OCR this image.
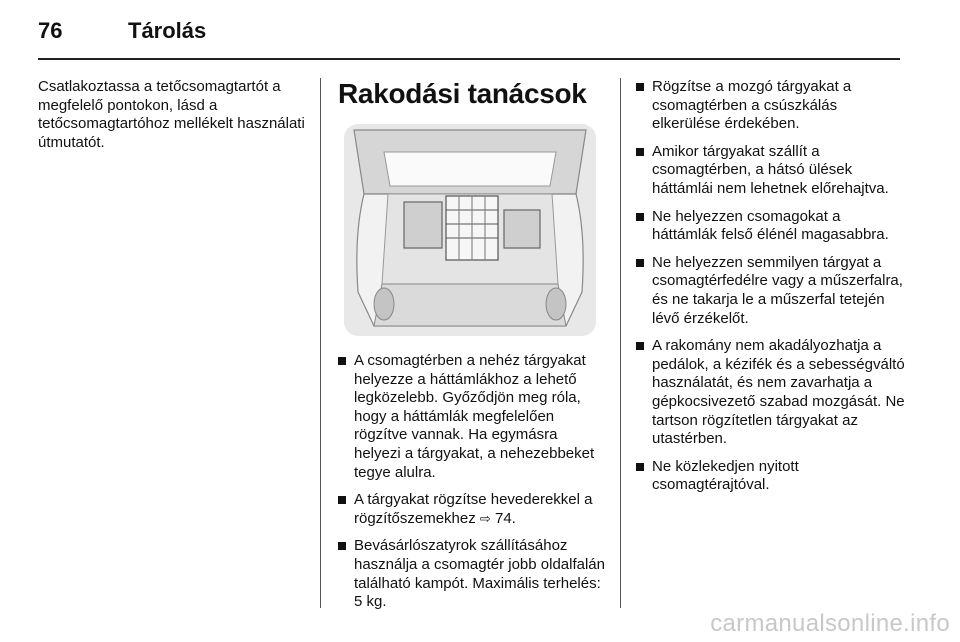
76	Tárolás

Csatlakoztassa a tetőcsomagtartót a megfelelő pontokon, lásd a tetőcsomagtartóhoz mellékelt használati útmutatót.

Rakodási tanácsok
A csomagtérben a nehéz tárgyakat helyezze a háttámlákhoz a lehető legközelebb. Győződjön meg róla, hogy a háttámlák megfelelően rögzítve vannak. Ha egymásra helyezi a tárgyakat, a nehezebbeket tegye alulra.
A tárgyakat rögzítse hevederekkel a rögzítőszemekhez ⇨ 74.
Bevásárlószatyrok szállításához használja a csomagtér jobb oldalfalán található kampót. Maximális terhelés: 5 kg.
Rögzítse a mozgó tárgyakat a csomagtérben a csúszkálás elkerülése érdekében.
Amikor tárgyakat szállít a csomagtérben, a hátsó ülések háttámlái nem lehetnek előrehajtva.
Ne helyezzen csomagokat a háttámlák felső élénél magasabbra.
Ne helyezzen semmilyen tárgyat a csomagtérfedélre vagy a műszerfalra, és ne takarja le a műszerfal tetején lévő érzékelőt.
A rakomány nem akadályozhatja a pedálok, a kézifék és a sebességváltó használatát, és nem zavarhatja a gépkocsivezető szabad mozgását. Ne tartson rögzítetlen tárgyakat az utastérben.
Ne közlekedjen nyitott csomagtérajtóval.
carmanualsonline.info
